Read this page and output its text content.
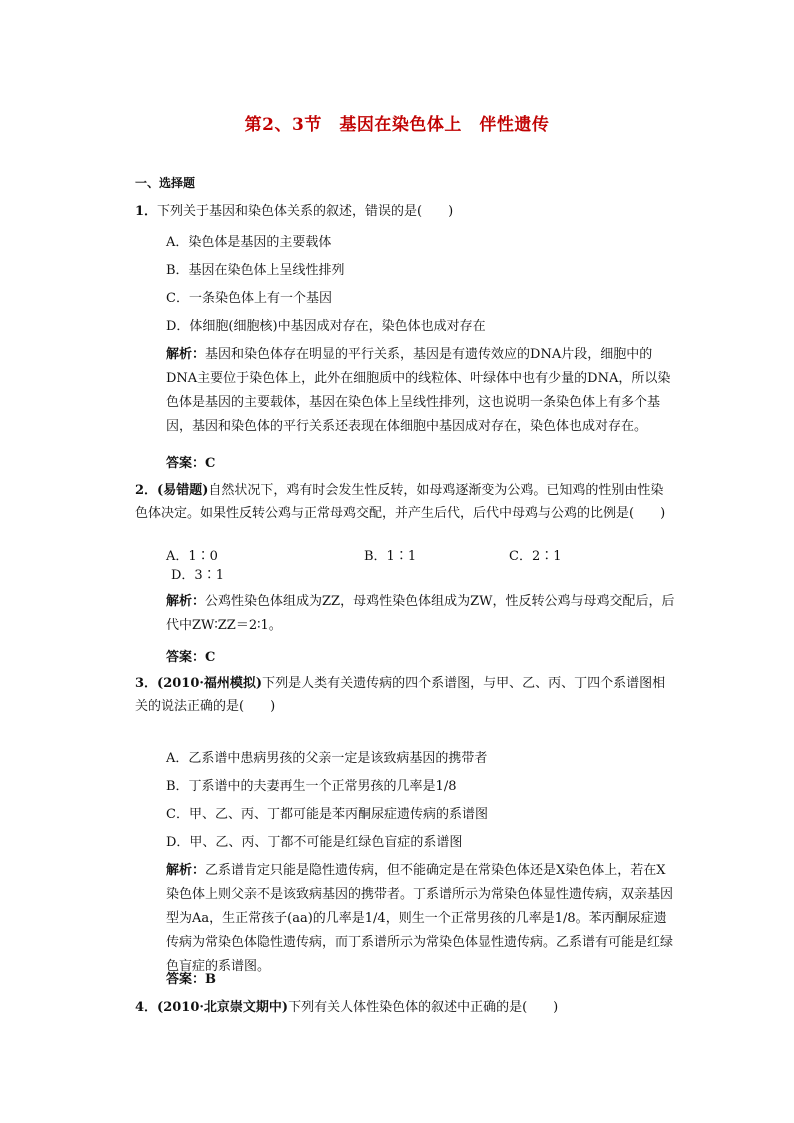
第2、3节　基因在染色体上　伴性遗传
一、选择题
1．下列关于基因和染色体关系的叙述，错误的是(　　)
A．染色体是基因的主要载体
B．基因在染色体上呈线性排列
C．一条染色体上有一个基因
D．体细胞(细胞核)中基因成对存在，染色体也成对存在
解析：基因和染色体存在明显的平行关系，基因是有遗传效应的DNA片段，细胞中的DNA主要位于染色体上，此外在细胞质中的线粒体、叶绿体中也有少量的DNA，所以染色体是基因的主要载体，基因在染色体上呈线性排列，这也说明一条染色体上有多个基因，基因和染色体的平行关系还表现在体细胞中基因成对存在，染色体也成对存在。
答案：C
2．(易错题)自然状况下，鸡有时会发生性反转，如母鸡逐渐变为公鸡。已知鸡的性别由性染色体决定。如果性反转公鸡与正常母鸡交配，并产生后代，后代中母鸡与公鸡的比例是(　　)
A．1∶0	B．1∶1	C．2∶1
D．3∶1
解析：公鸡性染色体组成为ZZ，母鸡性染色体组成为ZW，性反转公鸡与母鸡交配后，后代中ZW∶ZZ＝2∶1。
答案：C
3．(2010·福州模拟)下列是人类有关遗传病的四个系谱图，与甲、乙、丙、丁四个系谱图相关的说法正确的是(　　)
A．乙系谱中患病男孩的父亲一定是该致病基因的携带者
B．丁系谱中的夫妻再生一个正常男孩的几率是1/8
C．甲、乙、丙、丁都可能是苯丙酮尿症遗传病的系谱图
D．甲、乙、丙、丁都不可能是红绿色盲症的系谱图
解析：乙系谱肯定只能是隐性遗传病，但不能确定是在常染色体还是X染色体上，若在X染色体上则父亲不是该致病基因的携带者。丁系谱所示为常染色体显性遗传病，双亲基因型为Aa，生正常孩子(aa)的几率是1/4，则生一个正常男孩的几率是1/8。苯丙酮尿症遗传病为常染色体隐性遗传病，而丁系谱所示为常染色体显性遗传病。乙系谱有可能是红绿色盲症的系谱图。
答案：B
4．(2010·北京崇文期中)下列有关人体性染色体的叙述中正确的是(　　)
